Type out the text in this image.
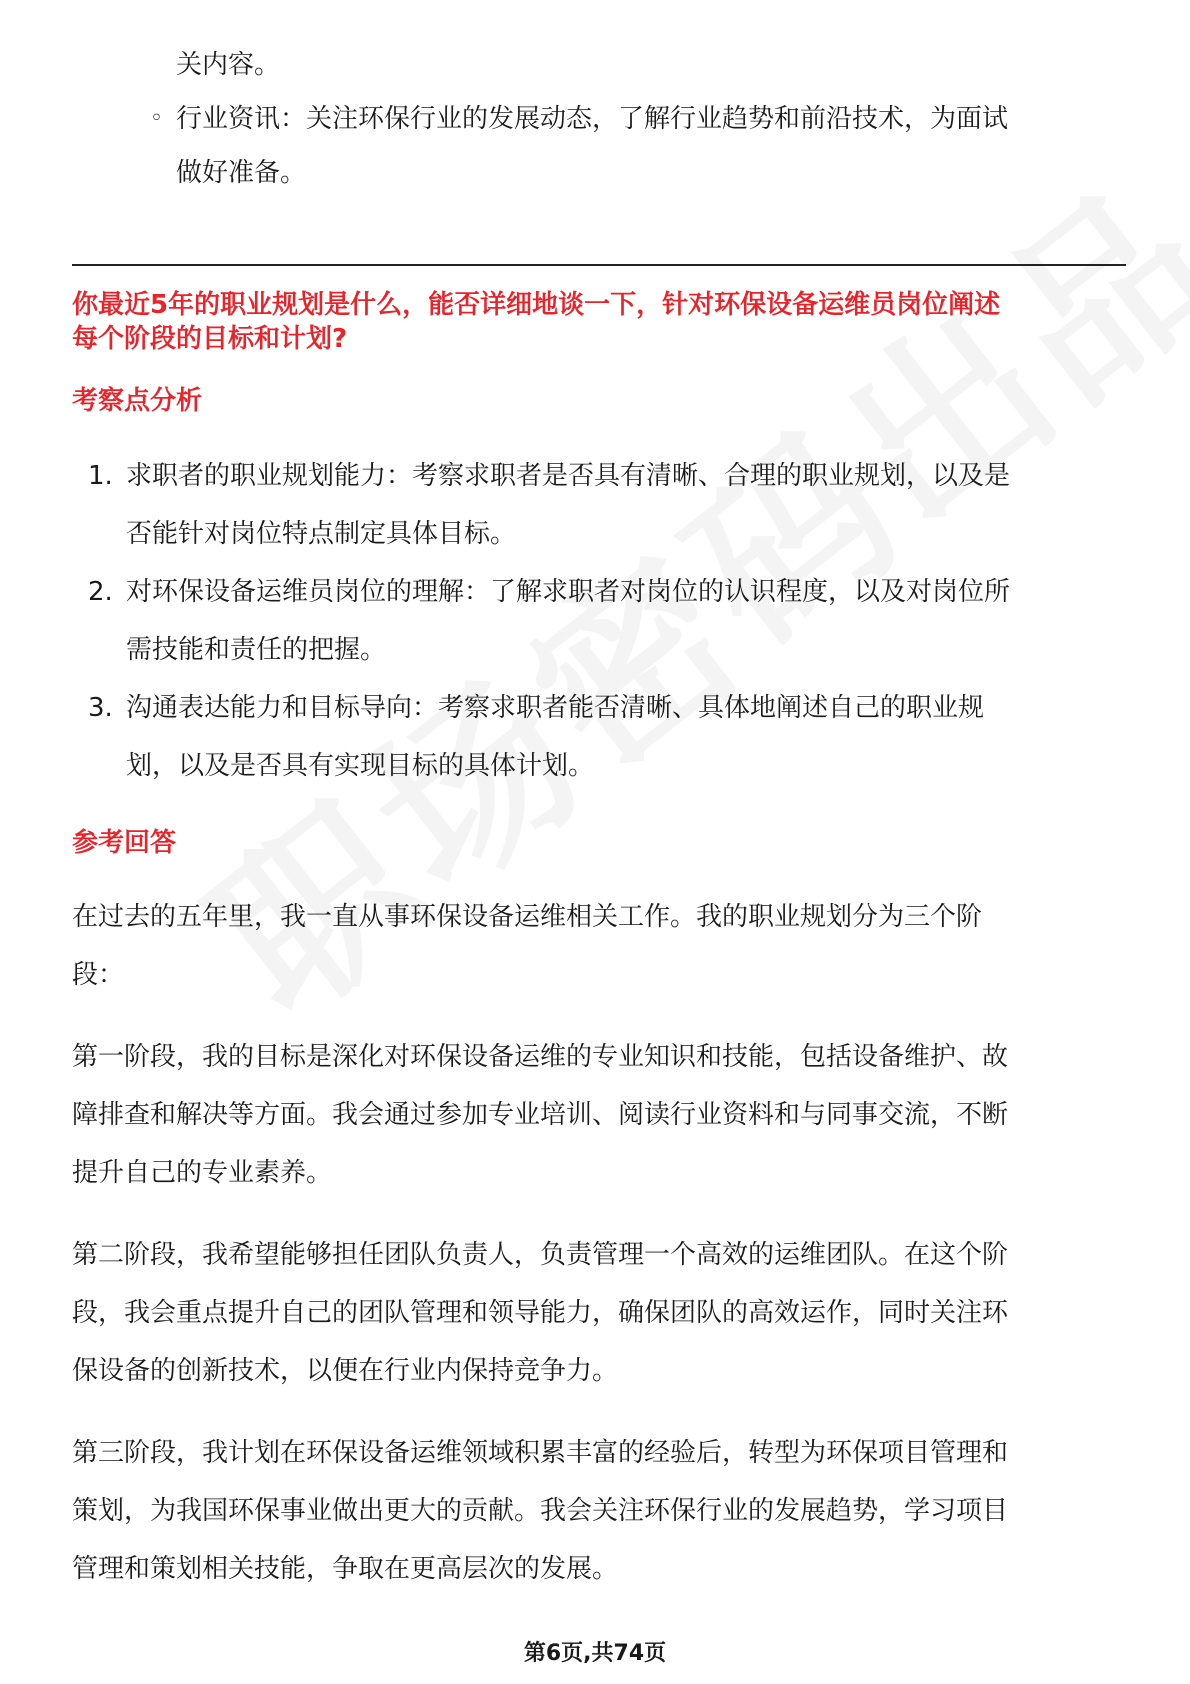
关内容。
◦ 行业资讯：关注环保行业的发展动态，了解行业趋势和前沿技术，为面试
做好准备。
你最近5年的职业规划是什么，能否详细地谈一下，针对环保设备运维员岗位阐述
每个阶段的目标和计划?
考察点分析
1. 求职者的职业规划能力：考察求职者是否具有清晰、合理的职业规划，以及是
否能针对岗位特点制定具体目标。
2. 对环保设备运维员岗位的理解：了解求职者对岗位的认识程度，以及对岗位所
需技能和责任的把握。
3. 沟通表达能力和目标导向：考察求职者能否清晰、具体地阐述自己的职业规
划，以及是否具有实现目标的具体计划。
参考回答
在过去的五年里，我一直从事环保设备运维相关工作。我的职业规划分为三个阶
段：
第一阶段，我的目标是深化对环保设备运维的专业知识和技能，包括设备维护、故
障排查和解决等方面。我会通过参加专业培训、阅读行业资料和与同事交流，不断
提升自己的专业素养。
第二阶段，我希望能够担任团队负责人，负责管理一个高效的运维团队。在这个阶
段，我会重点提升自己的团队管理和领导能力，确保团队的高效运作，同时关注环
保设备的创新技术，以便在行业内保持竞争力。
第三阶段，我计划在环保设备运维领域积累丰富的经验后，转型为环保项目管理和
策划，为我国环保事业做出更大的贡献。我会关注环保行业的发展趋势，学习项目
管理和策划相关技能，争取在更高层次的发展。
第6页,共74页
